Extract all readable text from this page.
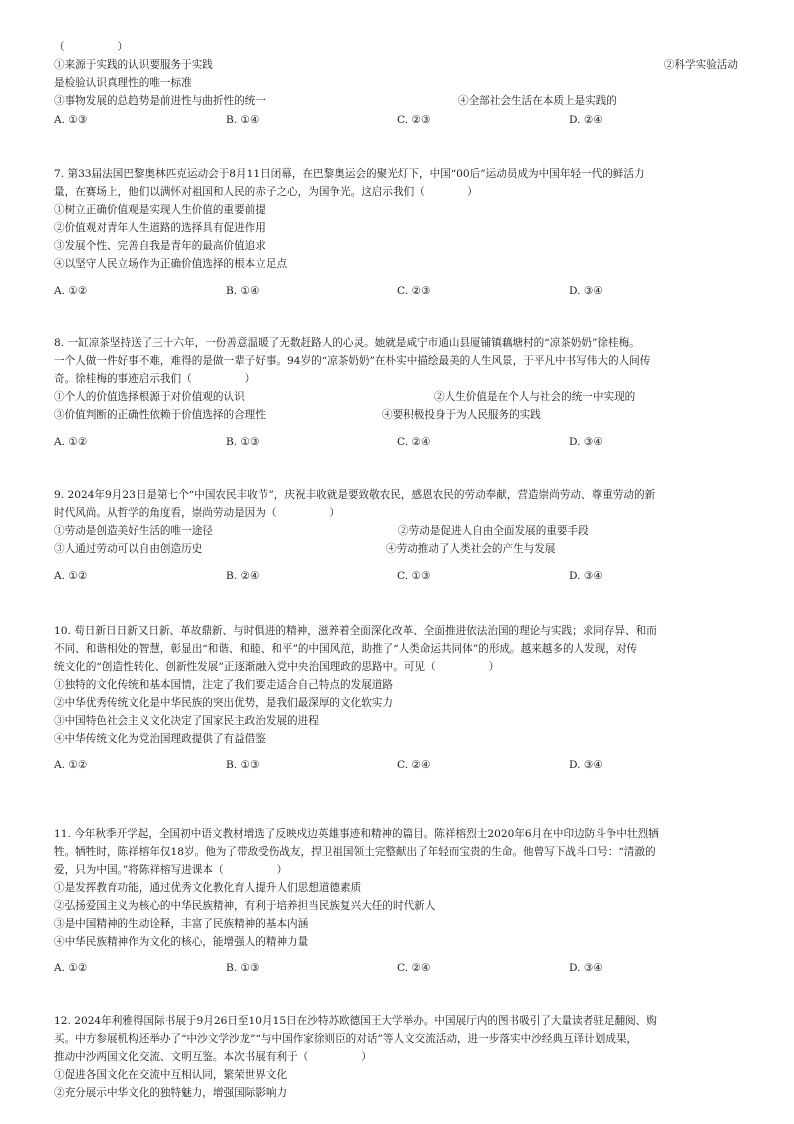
（　　　　　）
①来源于实践的认识要服务于实践	②科学实验活动
是检验认识真理性的唯一标准
③事物发展的总趋势是前进性与曲折性的统一	④全部社会生活在本质上是实践的
A. ①③	B. ①④	C. ②③	D. ②④
7. 第33届法国巴黎奥林匹克运动会于8月11日闭幕，在巴黎奥运会的聚光灯下，中国“00后”运动员成为中国年轻一代的鲜活力
量，在赛场上，他们以满怀对祖国和人民的赤子之心，为国争光。这启示我们（　　　　）
①树立正确价值观是实现人生价值的重要前提
②价值观对青年人生道路的选择具有促进作用
③发展个性、完善自我是青年的最高价值追求
④以坚守人民立场作为正确价值选择的根本立足点
A. ①②	B. ①④	C. ②③	D. ③④
8. 一缸凉茶坚持送了三十六年，一份善意温暖了无数赶路人的心灵。她就是咸宁市通山县厦铺镇藕塘村的“凉茶奶奶”徐桂梅。
一个人做一件好事不难，难得的是做一辈子好事。94岁的“凉茶奶奶”在朴实中描绘最美的人生风景，于平凡中书写伟大的人间传
奇。徐桂梅的事迹启示我们（　　　　　）
①个人的价值选择根源于对价值观的认识	②人生价值是在个人与社会的统一中实现的
③价值判断的正确性依赖于价值选择的合理性	④要积极投身于为人民服务的实践
A. ①②	B. ①③	C. ②④	D. ③④
9. 2024年9月23日是第七个“中国农民丰收节”，庆祝丰收就是要致敬农民，感恩农民的劳动奉献，营造崇尚劳动、尊重劳动的新
时代风尚。从哲学的角度看，崇尚劳动是因为（　　　　　）
①劳动是创造美好生活的唯一途径	②劳动是促进人自由全面发展的重要手段
③人通过劳动可以自由创造历史	④劳动推动了人类社会的产生与发展
A. ①②	B. ②④	C. ①③	D. ③④
10. 苟日新日日新又日新、革故鼎新、与时俱进的精神，滋养着全面深化改革、全面推进依法治国的理论与实践；求同存异、和而
不同、和谐相处的智慧，彰显出“和谐、和睦、和平”的中国风范，助推了“人类命运共同体”的形成。越来越多的人发现，对传
统文化的“创造性转化、创新性发展”正逐渐融入党中央治国理政的思路中。可见（　　　　　）
①独特的文化传统和基本国情，注定了我们要走适合自己特点的发展道路
②中华优秀传统文化是中华民族的突出优势，是我们最深厚的文化软实力
③中国特色社会主义文化决定了国家民主政治发展的进程
④中华传统文化为党治国理政提供了有益借鉴
A. ①②	B. ①③	C. ②④	D. ③④
11. 今年秋季开学起，全国初中语文教材增选了反映戍边英雄事迹和精神的篇目。陈祥榕烈士2020年6月在中印边防斗争中壮烈牺
牲。牺牲时，陈祥榕年仅18岁。他为了带敌受伤战友，捍卫祖国领土完整献出了年轻而宝贵的生命。他曾写下战斗口号：“清澈的
爱，只为中国。”将陈祥榕写进课本（　　　　　）
①是发挥教育功能，通过优秀文化教化育人提升人们思想道德素质
②弘扬爱国主义为核心的中华民族精神，有利于培养担当民族复兴大任的时代新人
③是中国精神的生动诠释，丰富了民族精神的基本内涵
④中华民族精神作为文化的核心，能增强人的精神力量
A. ①②	B. ①③	C. ②④	D. ③④
12. 2024年利雅得国际书展于9月26日至10月15日在沙特苏欧德国王大学举办。中国展厅内的图书吸引了大量读者驻足翻阅、购
买。中方参展机构还举办了“中沙文学沙龙”“与中国作家徐则臣的对话”等人文交流活动，进一步落实中沙经典互译计划成果，
推动中沙两国文化交流、文明互鉴。本次书展有利于（　　　　　）
①促进各国文化在交流中互相认同，繁荣世界文化
②充分展示中华文化的独特魅力，增强国际影响力
